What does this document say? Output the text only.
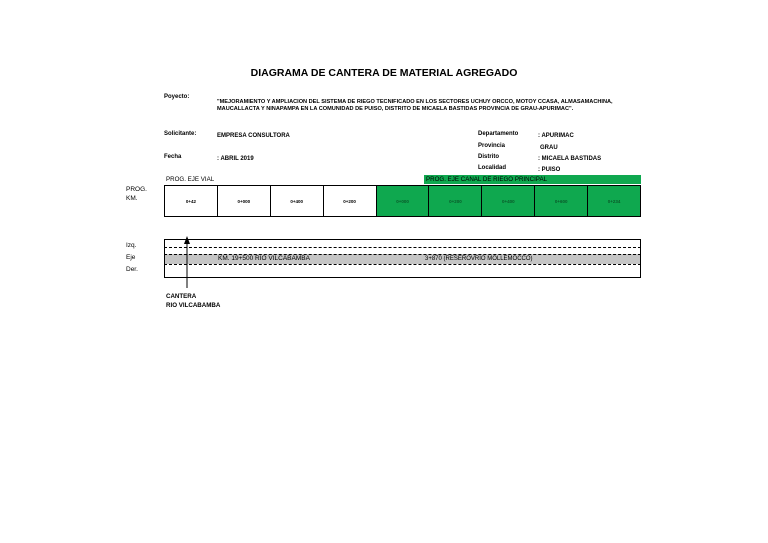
DIAGRAMA DE CANTERA DE MATERIAL AGREGADO
Poyecto:
"MEJORAMIENTO Y AMPLIACION DEL SISTEMA DE RIEGO TECNIFICADO EN LOS SECTORES UCHUY ORCCO, MOTOY CCASA, ALMASAMACHINA, MAUCALLACTA Y NINAPAMPA EN LA COMUNIDAD DE PUISO, DISTRITO DE MICAELA BASTIDAS PROVINCIA DE GRAU-APURIMAC".
Solicitante:	EMPRESA CONSULTORA
Fecha	: ABRIL 2019
Departamento	: APURIMAC
Provincia	GRAU
Distrito	: MICAELA BASTIDAS
Localidad	: PUISO
PROG. EJE VIAL	PROG. EJE CANAL DE RIEGO PRINCIPAL
PROG.
KM.	0+42	0+000	0+400	0+200	0+000	0+200	0+400	0+600	0+234
Izq.
Eje
Der.
KM. 19+500 RIO VILCABAMBA	3+870 (RESEROVRIO MOLLEMOCCO)
CANTERA
RIO VILCABAMBA
